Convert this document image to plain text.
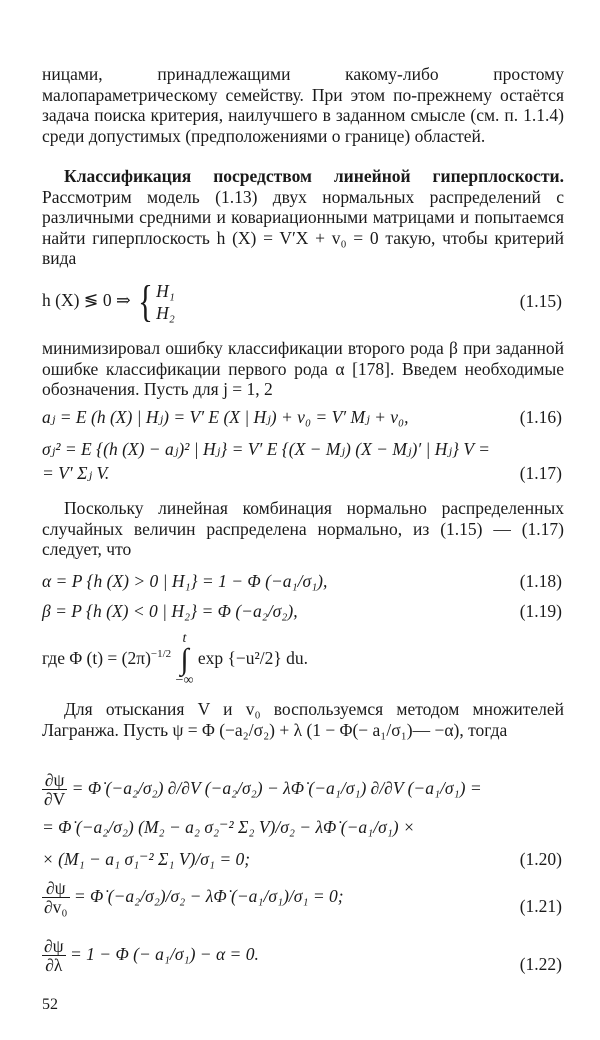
ницами, принадлежащими какому-либо простому малопараметрическому семейству. При этом по-прежнему остаётся задача поиска критерия, наилучшего в заданном смысле (см. п. 1.1.4) среди допустимых (предположениями о границе) областей.

Классификация посредством линейной гиперплоскости. Рассмотрим модель (1.13) двух нормальных распределений с различными средними и ковариационными матрицами и попытаемся найти гиперплоскость h (X) = V′X + v₀ = 0 такую, чтобы критерий вида

h (X) ≶ 0 ⇒ { H₁
H₂
(1.15)

минимизировал ошибку классификации второго рода β при заданной ошибке классификации первого рода α [178]. Введем необходимые обозначения. Пусть для j = 1, 2

aⱼ = E (h (X) | Hⱼ) = V′ E (X | Hⱼ) + v₀ = V′ Mⱼ + v₀,	(1.16)
σⱼ² = E {(h (X) − aⱼ)² | Hⱼ} = V′ E {(X − Mⱼ) (X − Mⱼ)′ | Hⱼ} V =
= V′ Σⱼ V.	(1.17)

Поскольку линейная комбинация нормально распределенных случайных величин распределена нормально, из (1.15) — (1.17) следует, что

α = P {h (X) > 0 | H₁} = 1 − Φ (−a₁/σ₁),	(1.18)
β = P {h (X) < 0 | H₂} = Φ (−a₂/σ₂),	(1.19)
где Φ $(t) = (2\pi)^{-1/2}$ t
∫
−∞ exp {−u²/2} du.

Для отыскания V и v₀ воспользуемся методом множителей Лагранжа. Пусть ψ = Φ (−a₂/σ₂) + λ (1 − Φ(− a₁/σ₁)— −α), тогда

$\frac{\partial\psi}{\partial V}$ = Φ̇ (−a₂/σ₂) ∂/∂V (−a₂/σ₂) − λΦ̇ (−a₁/σ₁) ∂/∂V (−a₁/σ₁) =
= Φ̇ (−a₂/σ₂) (M₂ − a₂ σ₂⁻² Σ₂ V)/σ₂ − λΦ̇ (−a₁/σ₁) ×
× (M₁ − a₁ σ₁⁻² Σ₁ V)/σ₁ = 0;	(1.20)
$\frac{\partial\psi}{\text{∂v₀}}$ = Φ̇ (−a₂/σ₂)/σ₂ − λΦ̇ (−a₁/σ₁)/σ₁ = 0;	(1.21)
$\frac{\partial\psi}{\partial\lambda} = 1 - \Phi$ (− a₁/σ₁) − α = 0.	(1.22)
52
